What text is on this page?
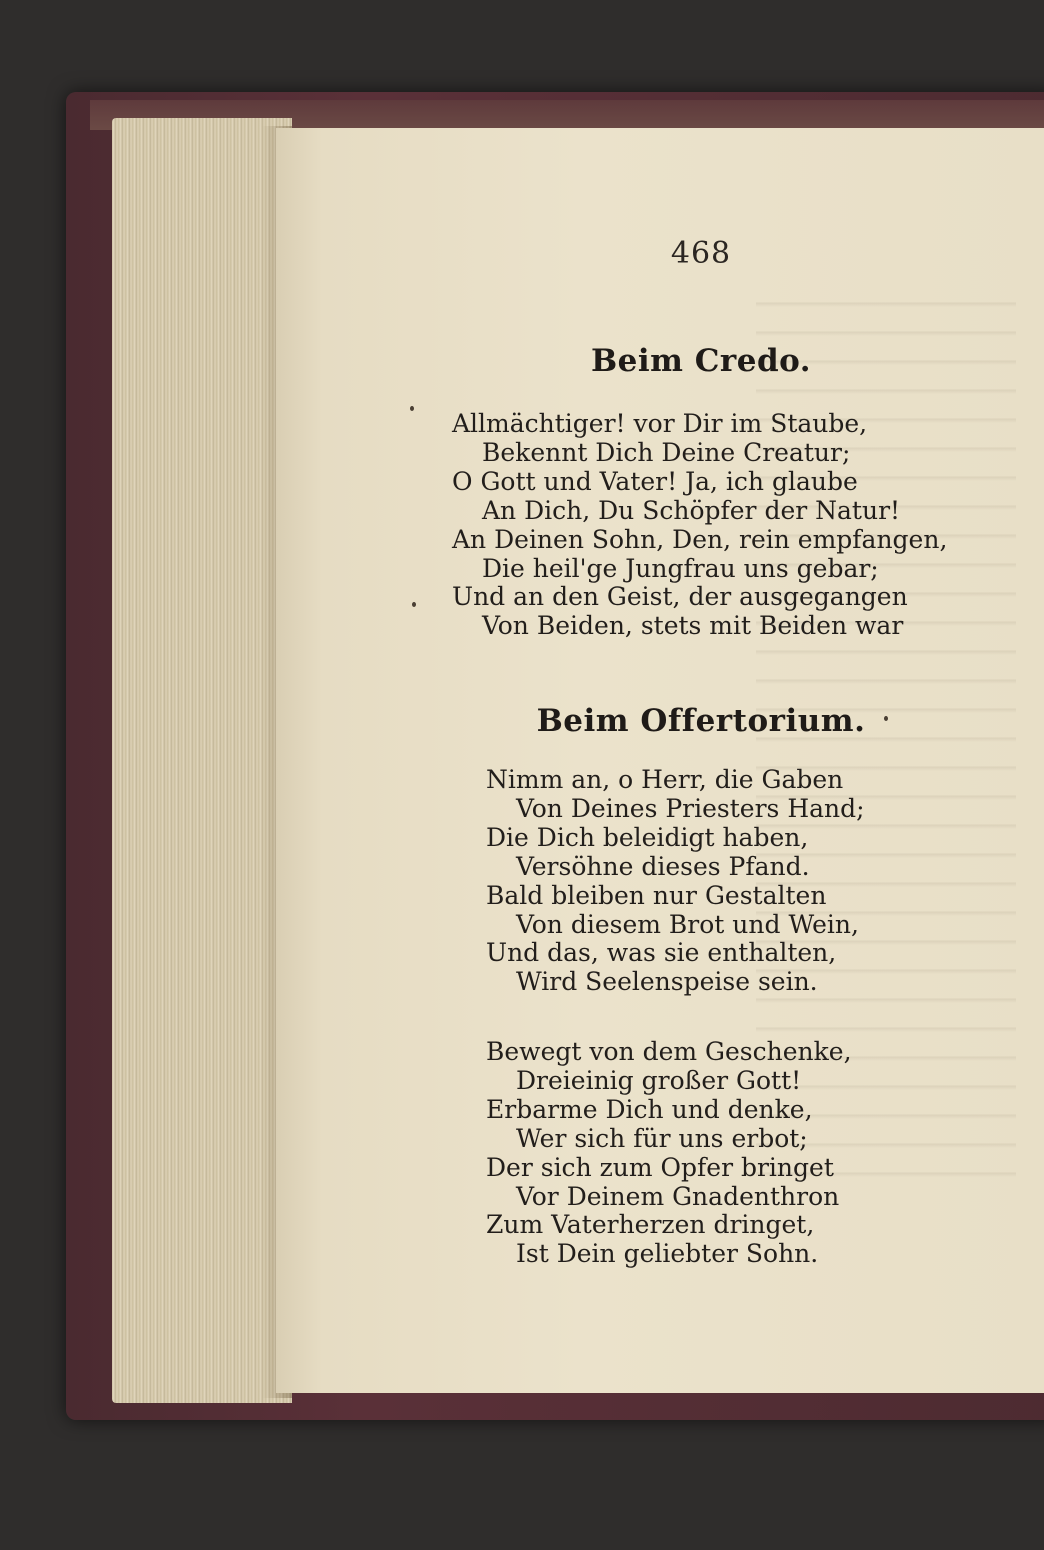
468
Beim Credo.
Allmächtiger! vor Dir im Staube,
Bekennt Dich Deine Creatur;
O Gott und Vater! Ja, ich glaube
An Dich, Du Schöpfer der Natur!
An Deinen Sohn, Den, rein empfangen,
Die heil'ge Jungfrau uns gebar;
Und an den Geist, der ausgegangen
Von Beiden, stets mit Beiden war
Beim Offertorium.
Nimm an, o Herr, die Gaben
Von Deines Priesters Hand;
Die Dich beleidigt haben,
Versöhne dieses Pfand.
Bald bleiben nur Gestalten
Von diesem Brot und Wein,
Und das, was sie enthalten,
Wird Seelenspeise sein.
Bewegt von dem Geschenke,
Dreieinig großer Gott!
Erbarme Dich und denke,
Wer sich für uns erbot;
Der sich zum Opfer bringet
Vor Deinem Gnadenthron
Zum Vaterherzen dringet,
Ist Dein geliebter Sohn.
